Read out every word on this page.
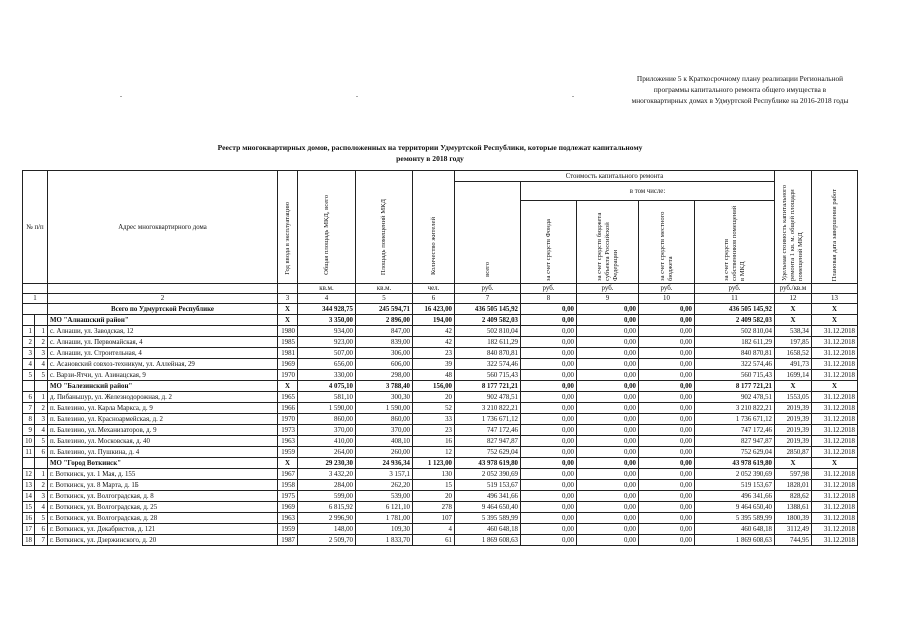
Приложение 5 к Краткосрочному плану реализации Региональной
программы капитального ремонта общего имущества в
многоквартирных домах в Удмуртской Республике на 2016-2018 годы
.	.	.
Реестр многоквартирных домов, расположенных на территории Удмуртской Республики, которые подлежат капитальному
ремонту в 2018 году
№ п/п		Адрес многоквартирного дома	Год ввода в эксплуатацию	Общая площадь МКД, всего	Площадь помещений МКД	Количество жителей	Стоимость капитального ремонта					Удельная стоимость капитального ремонта 1 кв. м. общей площади помещений МКД	Плановая дата завершения работ

							всего	в том числе:					

								за счет средств Фонда	за счет средств бюджета субъекта Российской Федерации	за счет средств местного бюджета	за счет средств собственников помещений в МКД		

				кв.м.	кв.м.	чел.	руб.	руб.	руб.	руб.	руб.	руб./кв.м	
1		2	3	4	5	6	7	8	9	10	11	12	13
		Всего по Удмуртской Республике	X	344 928,75	245 594,71	16 423,00	436 505 145,92	0,00	0,00	0,00	436 505 145,92	X	X
		МО "Алнашский район"	X	3 350,00	2 896,00	194,00	2 409 582,03	0,00	0,00	0,00	2 409 582,03	X	X
1	1	с. Алнаши, ул. Заводская, 12	1980	934,00	847,00	42	502 810,04	0,00	0,00	0,00	502 810,04	538,34	31.12.2018
2	2	с. Алнаши, ул. Первомайская, 4	1985	923,00	839,00	42	182 611,29	0,00	0,00	0,00	182 611,29	197,85	31.12.2018
3	3	с. Алнаши, ул. Строительная, 4	1981	507,00	306,00	23	840 870,81	0,00	0,00	0,00	840 870,81	1658,52	31.12.2018
4	4	с. Асановский совхоз-техникум, ул. Аллейная, 29	1969	656,00	606,00	39	322 574,46	0,00	0,00	0,00	322 574,46	491,73	31.12.2018
5	5	с. Варзи-Ятчи, ул. Азинацская, 9	1970	330,00	298,00	48	560 715,43	0,00	0,00	0,00	560 715,43	1699,14	31.12.2018
		МО "Балезинский район"	X	4 075,10	3 788,40	156,00	8 177 721,21	0,00	0,00	0,00	8 177 721,21	X	X
6	1	д. Пибаньшур, ул. Железнодорожная, д. 2	1965	581,10	300,30	20	902 478,51	0,00	0,00	0,00	902 478,51	1553,05	31.12.2018
7	2	п. Балезино, ул. Карла Маркса, д. 9	1966	1 590,00	1 590,00	52	3 210 822,21	0,00	0,00	0,00	3 210 822,21	2019,39	31.12.2018
8	3	п. Балезино, ул. Красноармейская, д. 2	1970	860,00	860,00	33	1 736 671,12	0,00	0,00	0,00	1 736 671,12	2019,39	31.12.2018
9	4	п. Балезино, ул. Механизаторов, д. 9	1973	370,00	370,00	23	747 172,46	0,00	0,00	0,00	747 172,46	2019,39	31.12.2018
10	5	п. Балезино, ул. Московская, д. 40	1963	410,00	408,10	16	827 947,87	0,00	0,00	0,00	827 947,87	2019,39	31.12.2018
11	6	п. Балезино, ул. Пушкина, д. 4	1959	264,00	260,00	12	752 629,04	0,00	0,00	0,00	752 629,04	2850,87	31.12.2018
		МО "Город Воткинск"	X	29 230,30	24 936,34	1 123,00	43 978 619,80	0,00	0,00	0,00	43 978 619,80	X	X
12	1	г. Воткинск, ул. 1 Мая, д. 155	1967	3 432,20	3 157,1	130	2 052 390,69	0,00	0,00	0,00	2 052 390,69	597,98	31.12.2018
13	2	г. Воткинск, ул. 8 Марта, д. 1Б	1958	284,00	262,20	15	519 153,67	0,00	0,00	0,00	519 153,67	1828,01	31.12.2018
14	3	г. Воткинск, ул. Волгоградская, д. 8	1975	599,00	539,00	20	496 341,66	0,00	0,00	0,00	496 341,66	828,62	31.12.2018
15	4	г. Воткинск, ул. Волгоградская, д. 25	1969	6 815,92	6 121,10	278	9 464 650,40	0,00	0,00	0,00	9 464 650,40	1388,61	31.12.2018
16	5	г. Воткинск, ул. Волгоградская, д. 28	1963	2 996,90	1 781,00	107	5 395 589,99	0,00	0,00	0,00	5 395 589,99	1800,39	31.12.2018
17	6	г. Воткинск, ул. Декабристов, д. 121	1959	148,00	109,30	4	460 648,18	0,00	0,00	0,00	460 648,18	3112,49	31.12.2018
18	7	г. Воткинск, ул. Дзержинского, д. 20	1987	2 509,70	1 833,70	61	1 869 608,63	0,00	0,00	0,00	1 869 608,63	744,95	31.12.2018
